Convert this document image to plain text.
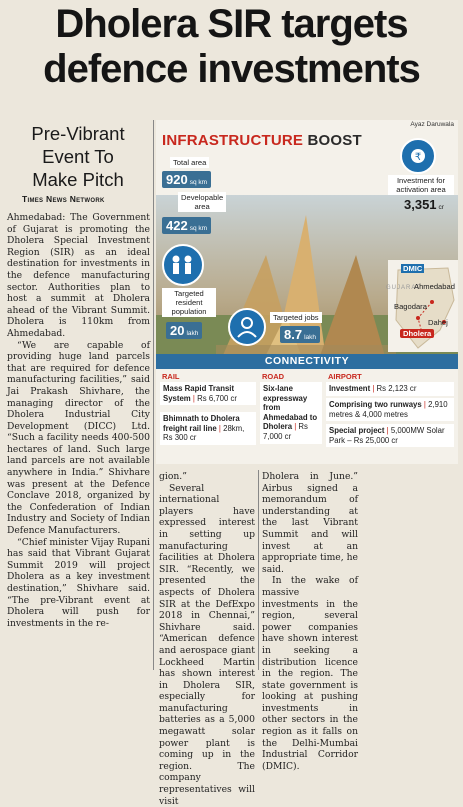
Dholera SIR targets
defence investments
Pre-Vibrant
Event To
Make Pitch
Times News Network

Ahmedabad: The Government of Gujarat is promoting the Dholera Special Investment Region (SIR) as an ideal destination for investments in the defence manufacturing sector. Authorities plan to host a summit at Dholera ahead of the Vibrant Summit. Dholera is 110km from Ahmedabad.

“We are capable of providing huge land parcels that are required for defence manufacturing facilities,” said Jai Prakash Shivhare, the managing director of the Dholera Industrial City Development (DICC) Ltd. “Such a facility needs 400-500 hectares of land. Such large land parcels are not available anywhere in India.” Shivhare was present at the Defence Conclave 2018, organized by the Confederation of Indian Industry and Society of Indian Defence Manufacturers.

“Chief minister Vijay Rupani has said that Vibrant Gujarat Summit 2019 will project Dholera as a key investment destination,” Shivhare said. “The pre-Vibrant event at Dholera will push for investments in the re-

Ayaz Daruwala
INFRASTRUCTURE BOOST
Total area
920 sq km
Developable
area
422 sq km
₹
Investment for
activation area
3,351 cr
Targeted
resident
population
20 lakh
Targeted jobs
8.7 lakh
DMIC
GUJARAT
Ahmedabad
Bagodara
Dahej
Dholera
CONNECTIVITY
RAIL
Mass Rapid Transit System | Rs 6,700 cr
Bhimnath to Dholera freight rail line | 28km, Rs 300 cr
ROAD
Six-lane expressway from Ahmedabad to Dholera | Rs 7,000 cr
AIRPORT
Investment | Rs 2,123 cr
Comprising two runways | 2,910 metres & 4,000 metres
Special project | 5,000MW Solar Park – Rs 25,000 cr

gion.”

Several international players have expressed interest in setting up manufacturing facilities at Dholera SIR. “Recently, we presented the aspects of Dholera SIR at the DefExpo 2018 in Chennai,” Shivhare said. “American defence and aerospace giant Lockheed Martin has shown interest in Dholera SIR, especially for manufacturing batteries as a 5,000 megawatt solar power plant is coming up in the region. The company representatives will visit

Dholera in June.” Airbus signed a memorandum of understanding at the last Vibrant Summit and will invest at an appropriate time, he said.

In the wake of massive investments in the region, several power companies have shown interest in seeking a distribution licence in the region. The state government is looking at pushing investments in other sectors in the region as it falls on the Delhi-Mumbai Industrial Corridor (DMIC).
